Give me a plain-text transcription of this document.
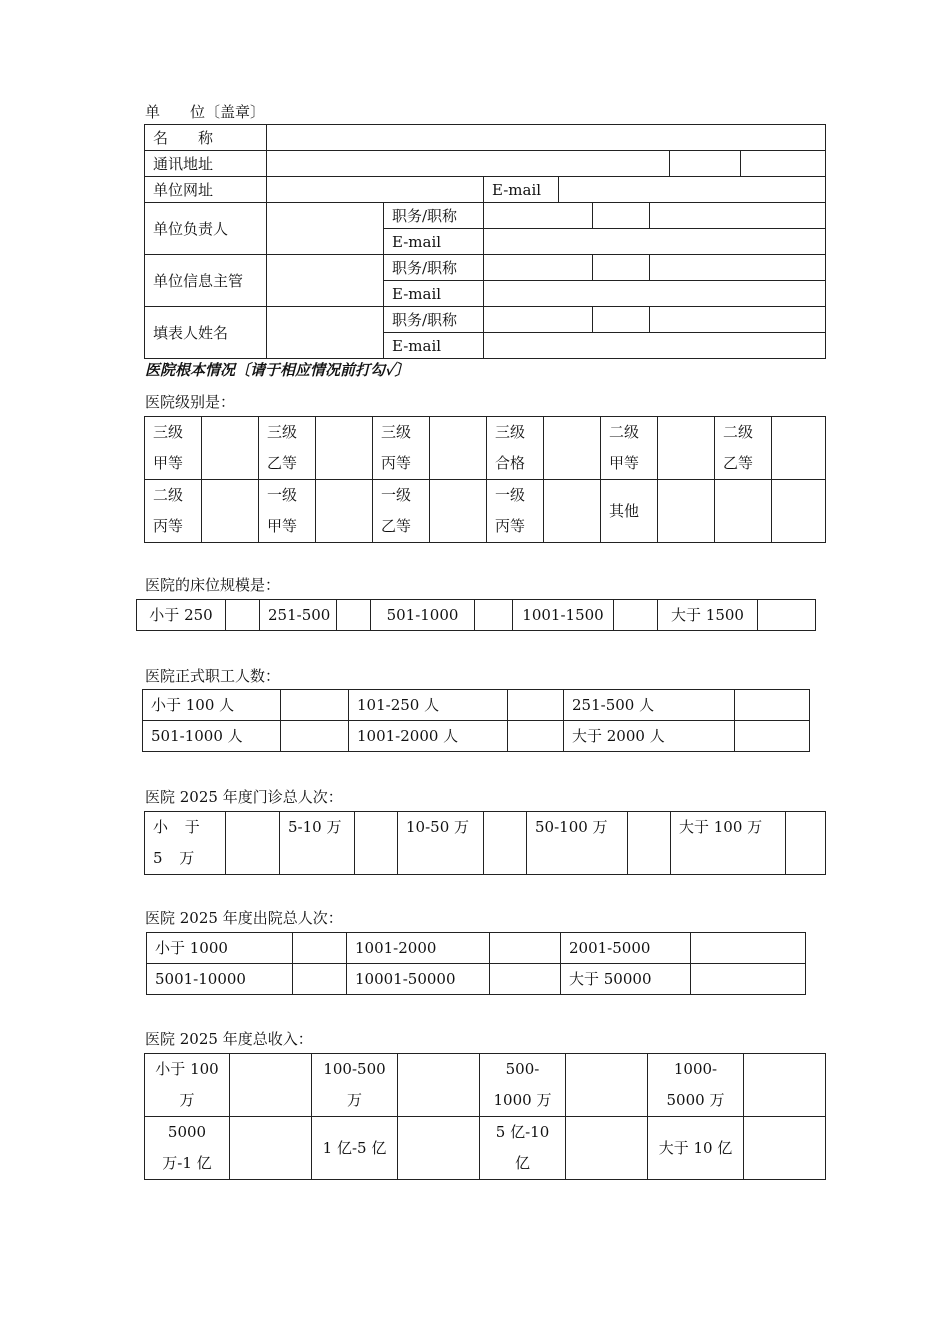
单　　位〔盖章〕
名　　称								
通讯地址								
单位网址			E-mail					
单位负责人		职务/职称						
		E-mail						
单位信息主管		职务/职称						
		E-mail						
填表人姓名		职务/职称						
		E-mail						
医院根本情况〔请于相应情况前打勾✓〕
医院级别是：
三级甲等		三级乙等		三级丙等		三级合格		二级甲等		二级乙等	
二级丙等		一级甲等		一级乙等		一级丙等		其他			
医院的床位规模是：
小于 250		251-500		501-1000		1001-1500		大于 1500	
医院正式职工人数：
小于 100 人		101-250 人		251-500 人	
501-1000 人		1001-2000 人		大于 2000 人	
医院 2025 年度门诊总人次：
小 于 5 万		5-10 万		10-50 万		50-100 万		大于 100 万	
医院 2025 年度出院总人次：
小于 1000		1001-2000		2001-5000	
5001-10000		10001-50000		大于 50000	
医院 2025 年度总收入：
小于 100 万		100-500 万		500-1000 万		1000-5000 万	
5000 万-1 亿		1 亿-5 亿		5 亿-10 亿		大于 10 亿	
